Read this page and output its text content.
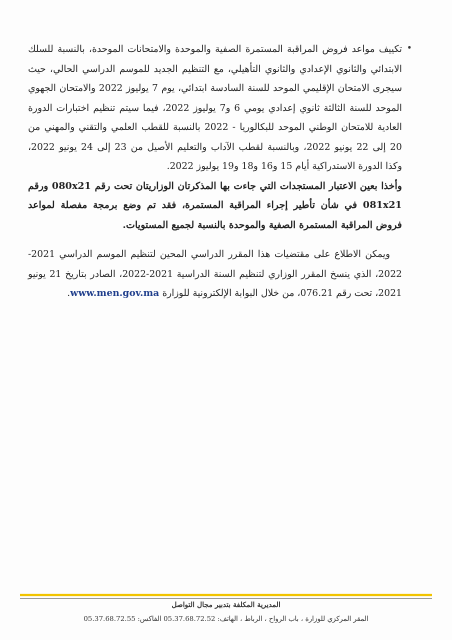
•
تكييف مواعد فروض المراقبة المستمرة الصفية والموحدة والامتحانات الموحدة، بالنسبة للسلك الابتدائي والثانوي الإعدادي والثانوي التأهيلي، مع التنظيم الجديد للموسم الدراسي الحالي، حيث سيجرى الامتحان الإقليمي الموحد للسنة السادسة ابتدائي، يوم 7 يوليوز 2022 والامتحان الجهوي الموحد للسنة الثالثة ثانوي إعدادي يومي 6 و7 يوليوز 2022، فيما سيتم تنظيم اختبارات الدورة العادية للامتحان الوطني الموحد للبكالوريا - 2022 بالنسبة للقطب العلمي والتقني والمهني من 20 إلى 22 يونيو 2022، وبالنسبة لقطب الآداب والتعليم الأصيل من 23 إلى 24 يونيو 2022، وكذا الدورة الاستدراكية أيام 15 و16 و18 و19 يوليوز 2022.

وأخذا بعين الاعتبار المستجدات التي جاءت بها المذكرتان الوزاريتان تحت رقم 080x21 ورقم 081x21 في شأن تأطير إجراء المراقبة المستمرة، فقد تم وضع برمجة مفصلة لمواعد فروض المراقبة المستمرة الصفية والموحدة بالنسبة لجميع المستويات.

ويمكن الاطلاع على مقتضيات هذا المقرر الدراسي المحين لتنظيم الموسم الدراسي 2021-2022، الذي ينسخ المقرر الوزاري لتنظيم السنة الدراسية 2021-2022، الصادر بتاريخ 21 يونيو 2021، تحت رقم 076.21، من خلال البوابة الإلكترونية للوزارة www.men.gov.ma.

المديرية المكلفة بتدبير مجال التواصل
المقر المركزي للوزارة ، باب الرواح ، الرباط ، الهاتف: 05.37.68.72.52 الفاكس: 05.37.68.72.55
